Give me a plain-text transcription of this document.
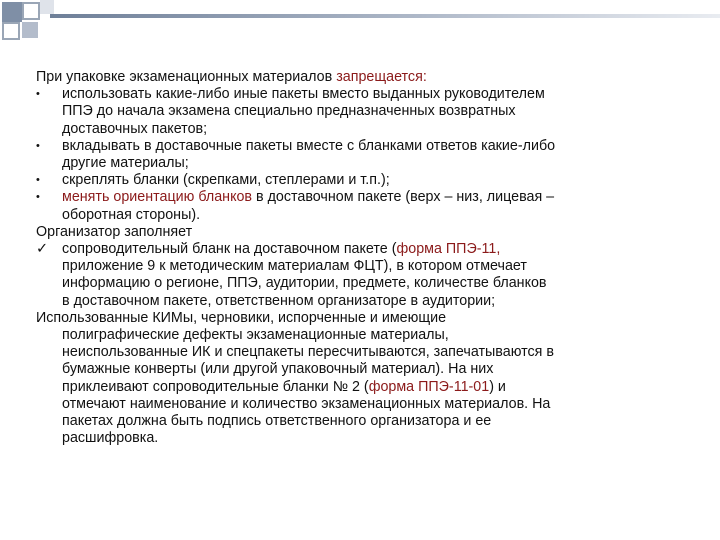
При упаковке экзаменационных материалов запрещается:
•	использовать какие-либо иные пакеты вместо выданных руководителем
ППЭ до начала экзамена специально предназначенных возвратных
доставочных пакетов;
•	вкладывать в доставочные пакеты вместе с бланками ответов какие-либо
другие материалы;
•	скреплять бланки (скрепками, степлерами и т.п.);
•	менять ориентацию бланков в доставочном пакете (верх – низ, лицевая –
оборотная стороны).
Организатор заполняет
✓ сопроводительный бланк на доставочном пакете (форма ППЭ-11,
приложение 9 к методическим материалам ФЦТ), в котором отмечает
информацию о регионе, ППЭ, аудитории, предмете, количестве бланков
в доставочном пакете, ответственном организаторе в аудитории;
Использованные КИМы, черновики, испорченные и имеющие
полиграфические дефекты экзаменационные материалы,
неиспользованные ИК и спецпакеты пересчитываются, запечатываются в
бумажные конверты (или другой упаковочный материал). На них
приклеивают сопроводительные бланки № 2 (форма ППЭ-11-01) и
отмечают наименование и количество экзаменационных материалов. На
пакетах должна быть подпись ответственного организатора и ее
расшифровка.
